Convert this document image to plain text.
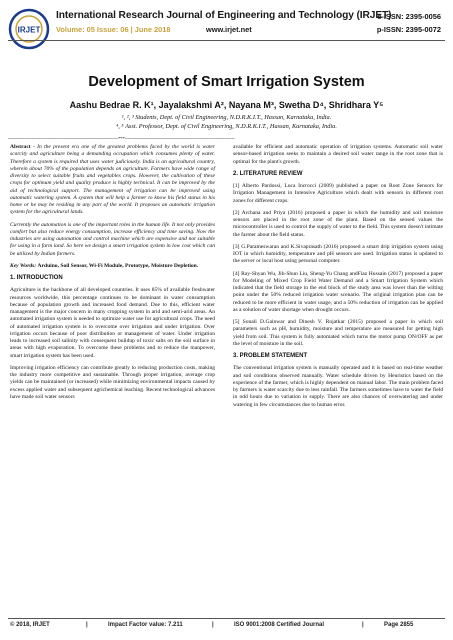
IRJET
International Research Journal of Engineering and Technology (IRJET)
Volume: 05 Issue: 06 | June 2018	www.irjet.net
e-ISSN: 2395-0056
p-ISSN: 2395-0072
Development of Smart Irrigation System
Aashu Bedrae R. K¹, Jayalakshmi A², Nayana M³, Swetha D⁴, Shridhara Y⁵
¹, ², ³ Students, Dept. of Civil Engineering, N.D.R.K.I.T., Hassan, Karnataka, India.
⁴, ⁵ Asst. Professor, Dept. of Civil Engineering, N.D.R.K.I.T., Hassan, Karnataka, India.
---------------------------------------------------------------------------***---------------------------------------------------------------------------

Abstract - In the present era one of the greatest problems faced by the world is water scarcity and agriculture being a demanding occupation which consumes plenty of water. Therefore a system is required that uses water judiciously. India is an agricultural country, wherein about 70% of the population depends on agriculture. Farmers have wide range of diversity to select suitable fruits and vegetables crops. However, the cultivation of these crops for optimum yield and quality produce is highly technical. It can be improved by the aid of technological support. The management of irrigation can be improved using automatic watering system. A system that will help a farmer to know his field status in his home or he may be residing in any part of the world. It proposes an automatic irrigation system for the agricultural lands.

Currently the automation is one of the important roles in the human life. It not only provides comfort but also reduce energy consumption, increase efficiency and time saving. Now the industries are using automation and control machine which are expensive and not suitable for using in a farm land. So here we design a smart irrigation system in low cost which can be utilized by Indian farmers.

Key Words: Arduino, Soil Sensor, Wi-Fi Module, Prototype, Moisture Depletion.

1. INTRODUCTION

Agriculture is the backbone of all developed countries. It uses 85% of available freshwater resources worldwide, this percentage continues to be dominant in water consumption because of population growth and increased food demand. Due to this, efficient water management is the major concern in many cropping system in arid and semi-arid areas. An automated irrigation system is needed to optimize water use for agricultural crops. The need of automated irrigation system is to overcome over irrigation and under irrigation. Over irrigation occurs because of poor distribution or management of water. Under irrigation leads to increased soil salinity with consequent buildup of toxic salts on the soil surface in areas with high evaporation. To overcome these problems and to reduce the manpower, smart irrigation system has been used.

Improving irrigation efficiency can contribute greatly to reducing production costs, making the industry more competitive and sustainable. Through proper irrigation, average crop yields can be maintained (or increased) while minimizing environmental impacts caused by excess applied water and subsequent agrichemical leaching. Recent technological advances have made soil water sensors

available for efficient and automatic operation of irrigation systems. Automatic soil water sensor-based irrigation seeks to maintain a desired soil water range in the root zone that is optimal for the plant's growth.

2. LITERATURE REVIEW

[1] Alberto Pardossi, Luca Incrocci (2009) published a paper on Root Zone Sensors for Irrigation Management in Intensive Agriculture which dealt with sensors in different root zones for different crops.

[2] Archana and Priya (2016) proposed a paper in which the humidity and soil moisture sensors are placed in the root zone of the plant. Based on the sensed values the microcontroller is used to control the supply of water to the field. This system doesn't intimate the farmer about the field status.

[3] G.Parameswaran and K.Sivaprasath (2016) proposed a smart drip irrigation system using IOT in which humidity, temperature and pH sensors are used. Irrigation status is updated to the server or local host using personal computer.

[4] Ray-Shyan Wu, Jih-Shun Liu, Sheng-Yu Chang andFiaz Hussain (2017) proposed a paper for Modeling of Mixed Crop Field Water Demand and a Smart Irrigation System which indicated that the field storage in the end block of the study area was lower than the wilting point under the 50% reduced irrigation water scenario. The original irrigation plan can be reduced to be more efficient in water usage, and a 50% reduction of irrigation can be applied as a solution of water shortage when drought occurs.

[5] Sonali D.Gainwar and Dinesh V. Rojatkar (2015) proposed a paper in which soil parameters such as pH, humidity, moisture and temperature are measured for getting high yield from soil. This system is fully automated which turns the motor pump ON/OFF as per the level of moisture in the soil.

3. PROBLEM STATEMENT

The conventional irrigation system is manually operated and it is based on real-time weather and soil conditions observed manually. Water schedule driven by Heuristics based on the experience of the farmer, which is highly dependent on manual labor. The main problem faced by farmers is water scarcity due to less rainfall. The farmers sometimes have to water the field in odd hours due to variation in supply. There are also chances of overwatering and under watering in few circumstances due to human error.

© 2018, IRJET	|	Impact Factor value: 7.211	|	ISO 9001:2008 Certified Journal	|	Page 2855
